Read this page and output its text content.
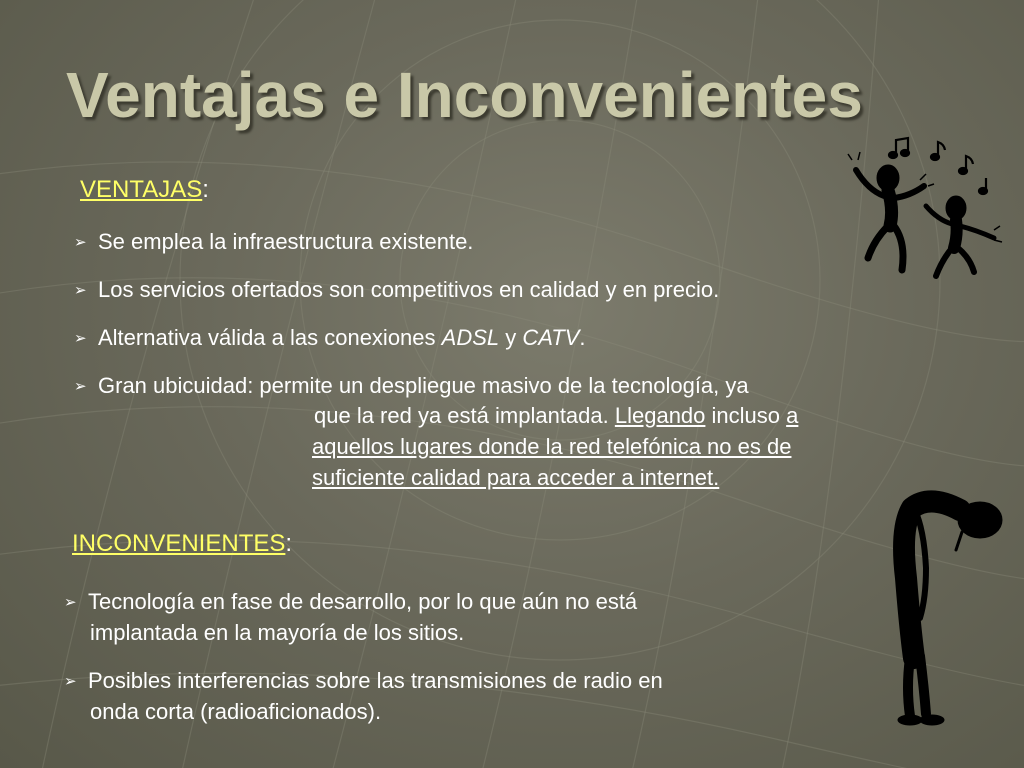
Ventajas e Inconvenientes
VENTAJAS:
➢ Se emplea la infraestructura existente.
➢ Los servicios ofertados son competitivos en calidad y en precio.
➢ Alternativa válida a las conexiones ADSL y CATV.
➢ Gran ubicuidad: permite un despliegue masivo de la tecnología, ya
que la red ya está implantada. Llegando incluso a
aquellos lugares donde la red telefónica no es de
suficiente calidad para acceder a internet.
INCONVENIENTES:
➢ Tecnología en fase de desarrollo, por lo que aún no está
implantada en la mayoría de los sitios.
➢ Posibles interferencias sobre las transmisiones de radio en
onda corta (radioaficionados).
